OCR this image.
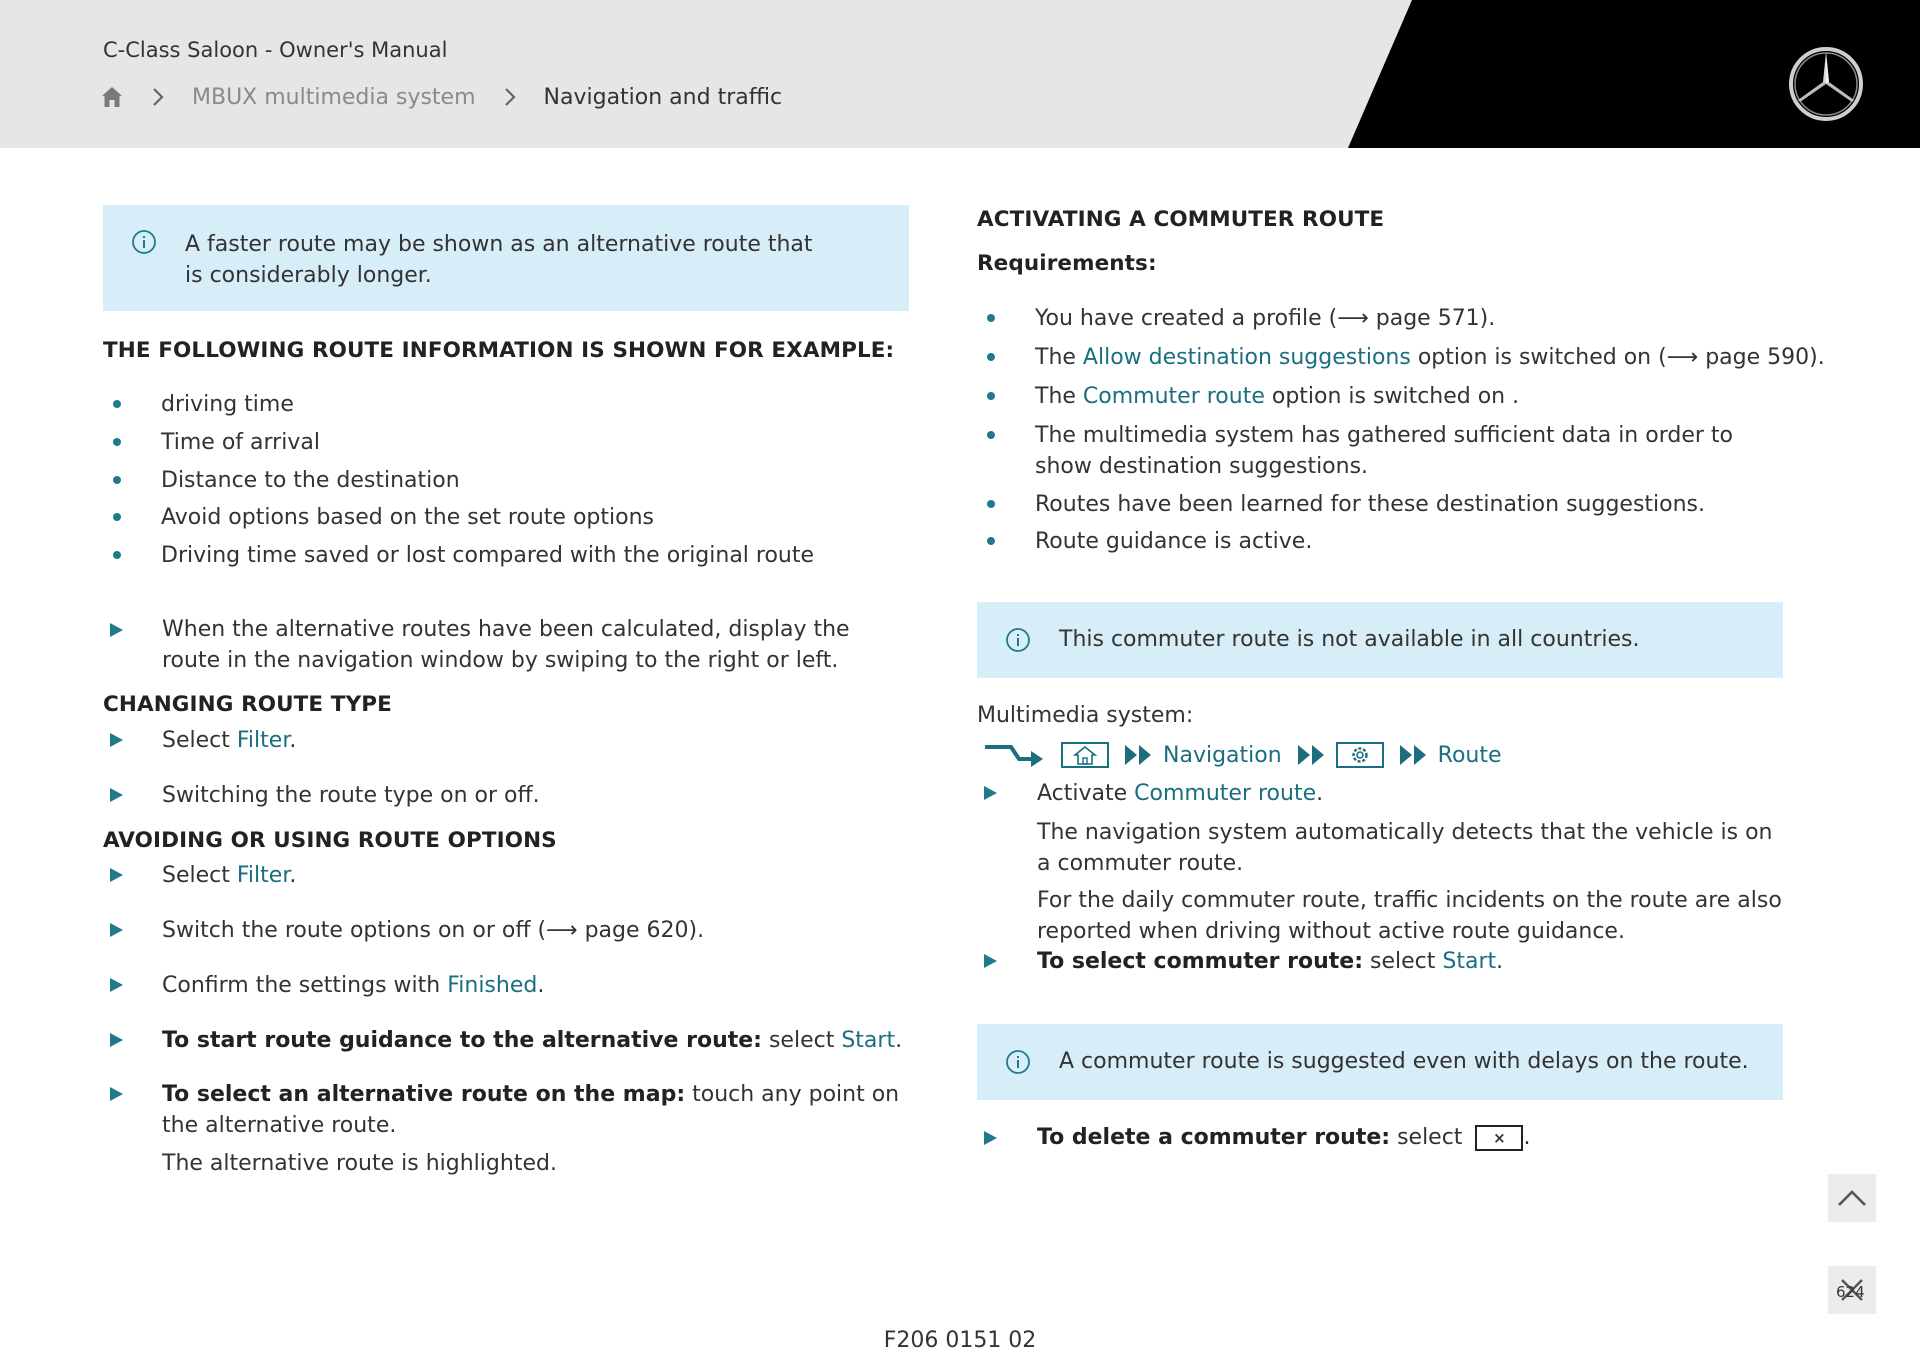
C-Class Saloon - Owner's Manual
MBUX multimedia system	Navigation and traffic
A faster route may be shown as an alternative route that is considerably longer.
THE FOLLOWING ROUTE INFORMATION IS SHOWN FOR EXAMPLE:
driving time
Time of arrival
Distance to the destination
Avoid options based on the set route options
Driving time saved or lost compared with the original route
When the alternative routes have been calculated, display the route in the navigation window by swiping to the right or left.
CHANGING ROUTE TYPE
Select Filter.
Switching the route type on or off.
AVOIDING OR USING ROUTE OPTIONS
Select Filter.
Switch the route options on or off (⟶ page 620).
Confirm the settings with Finished.
To start route guidance to the alternative route: select Start.
To select an alternative route on the map: touch any point on the alternative route.
The alternative route is highlighted.
ACTIVATING A COMMUTER ROUTE
Requirements:
You have created a profile (⟶ page 571).
The Allow destination suggestions option is switched on (⟶ page 590).
The Commuter route option is switched on .
The multimedia system has gathered sufficient data in order to show destination suggestions.
Routes have been learned for these destination suggestions.
Route guidance is active.
This commuter route is not available in all countries.
Multimedia system:
Navigation	Route
Activate Commuter route.
The navigation system automatically detects that the vehicle is on a commuter route.
For the daily commuter route, traffic incidents on the route are also reported when driving without active route guidance.
To select commuter route: select Start.
A commuter route is suggested even with delays on the route.
To delete a commuter route: select × .
624
F206 0151 02
